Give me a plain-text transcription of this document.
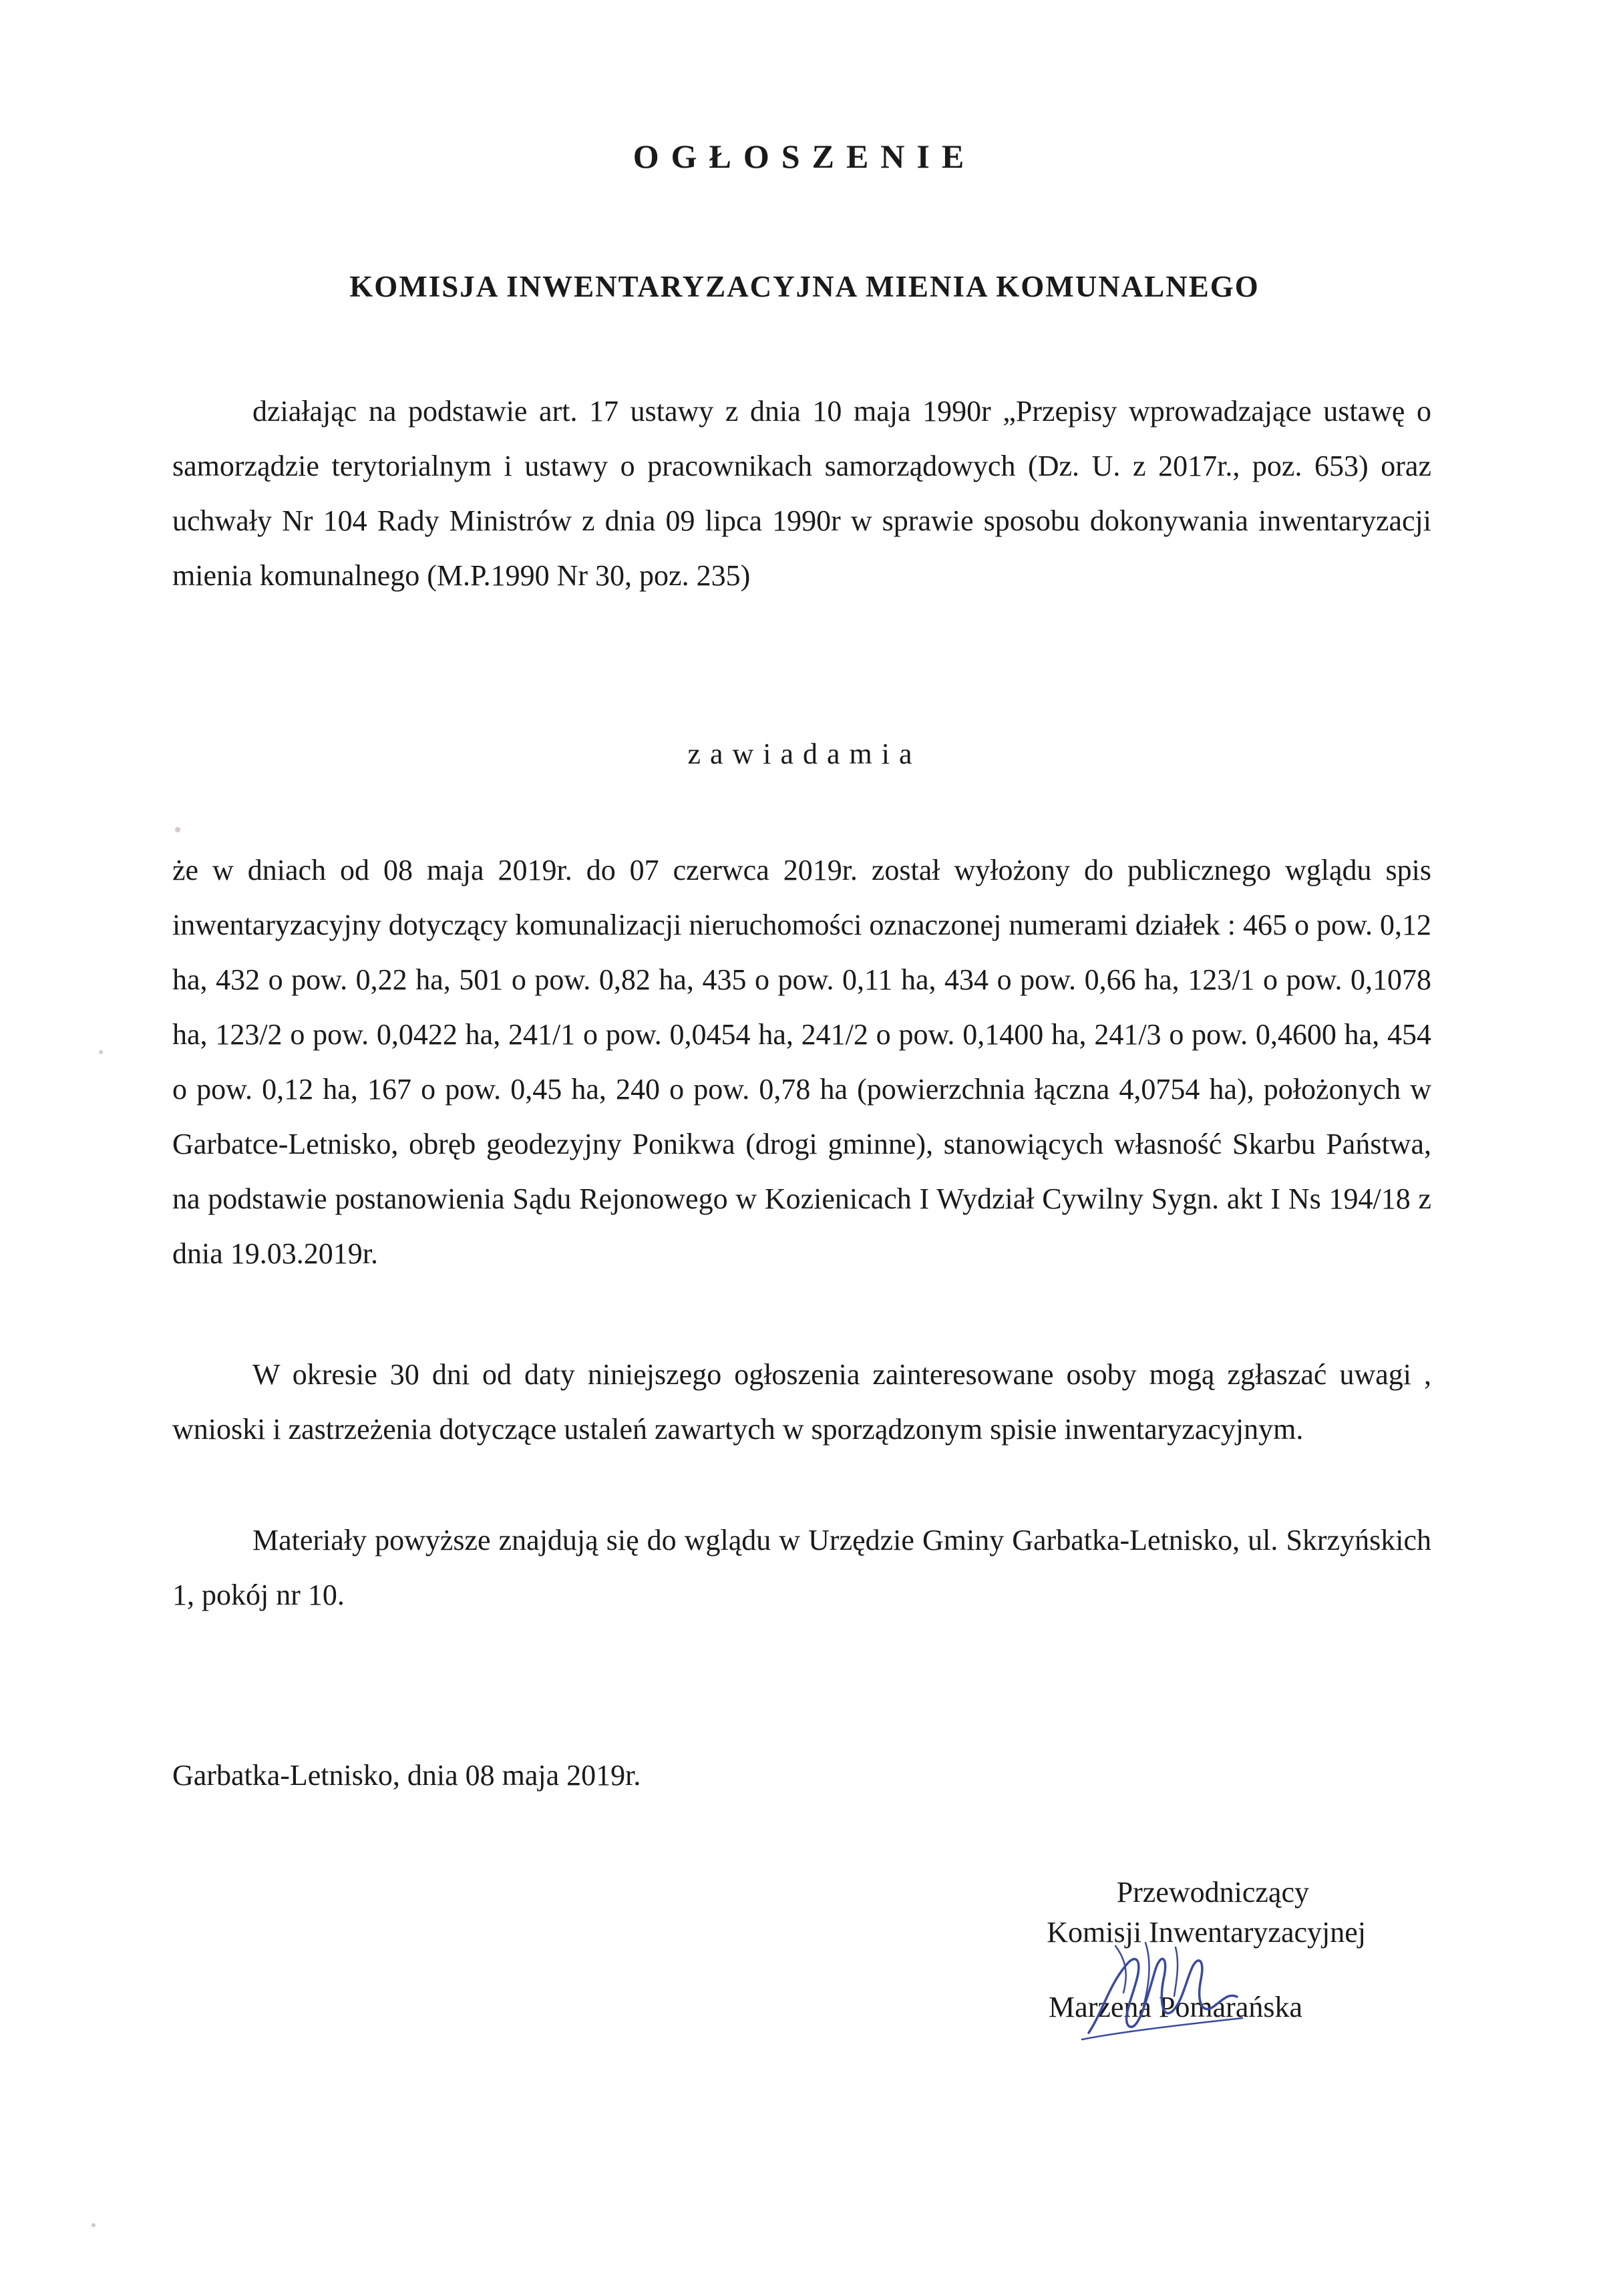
OGŁOSZENIE
KOMISJA INWENTARYZACYJNA MIENIA KOMUNALNEGO

działając na podstawie art. 17 ustawy z dnia 10 maja 1990r „Przepisy wprowadzające ustawę o samorządzie terytorialnym i ustawy o pracownikach samorządowych (Dz. U. z 2017r., poz. 653) oraz uchwały Nr 104 Rady Ministrów z dnia 09 lipca 1990r w sprawie sposobu dokonywania inwentaryzacji mienia komunalnego (M.P.1990 Nr 30, poz. 235)

zawiadamia

że w dniach od 08 maja 2019r. do 07 czerwca 2019r. został wyłożony do publicznego wglądu spis inwentaryzacyjny dotyczący komunalizacji nieruchomości oznaczonej numerami działek : 465 o pow. 0,12 ha, 432 o pow. 0,22 ha, 501 o pow. 0,82 ha, 435 o pow. 0,11 ha, 434 o pow. 0,66 ha, 123/1 o pow. 0,1078 ha, 123/2 o pow. 0,0422 ha, 241/1 o pow. 0,0454 ha, 241/2 o pow. 0,1400 ha, 241/3 o pow. 0,4600 ha, 454 o pow. 0,12 ha, 167 o pow. 0,45 ha, 240 o pow. 0,78 ha (powierzchnia łączna 4,0754 ha), położonych w Garbatce-Letnisko, obręb geodezyjny Ponikwa (drogi gminne), stanowiących własność Skarbu Państwa, na podstawie postanowienia Sądu Rejonowego w Kozienicach I Wydział Cywilny Sygn. akt I Ns 194/18 z dnia 19.03.2019r.

W okresie 30 dni od daty niniejszego ogłoszenia zainteresowane osoby mogą zgłaszać uwagi , wnioski i zastrzeżenia dotyczące ustaleń zawartych w sporządzonym spisie inwentaryzacyjnym.

Materiały powyższe znajdują się do wglądu w Urzędzie Gminy Garbatka-Letnisko, ul. Skrzyńskich 1, pokój nr 10.

Garbatka-Letnisko, dnia 08 maja 2019r.

Przewodniczący
Komisji Inwentaryzacyjnej
Marzena Pomarańska
